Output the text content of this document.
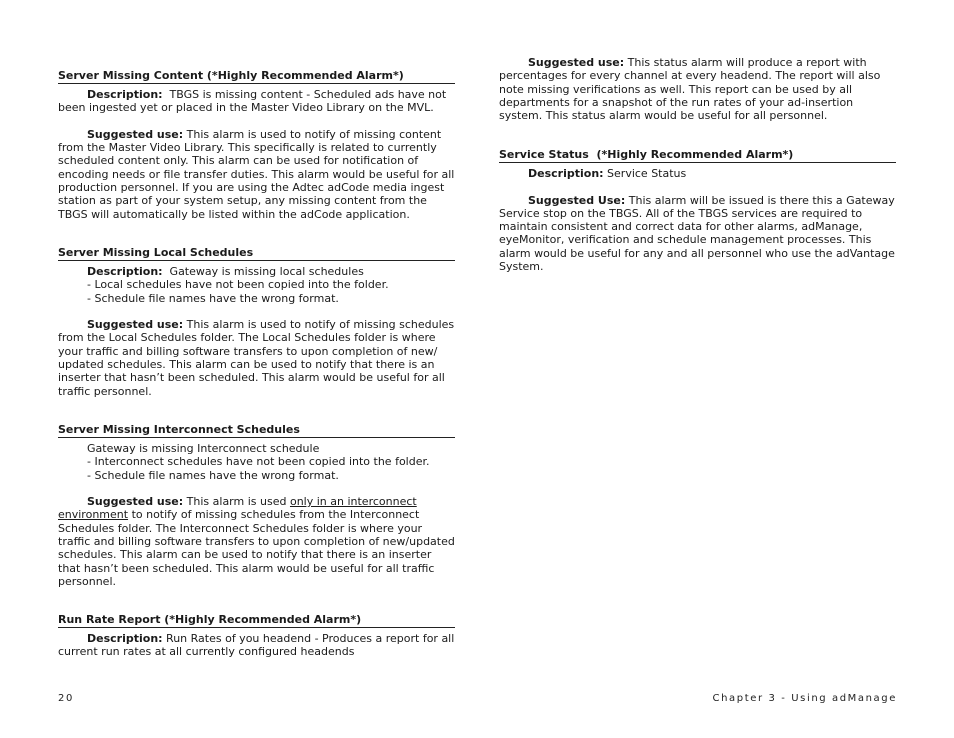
Server Missing Content (*Highly Recommended Alarm*)

Description: TBGS is missing content - Scheduled ads have not been ingested yet or placed in the Master Video Library on the MVL.

Suggested use: This alarm is used to notify of missing content from the Master Video Library. This specifically is related to currently scheduled content only. This alarm can be used for notification of encoding needs or file transfer duties. This alarm would be useful for all production personnel. If you are using the Adtec adCode media ingest station as part of your system setup, any missing content from the TBGS will automatically be listed within the adCode application.

Server Missing Local Schedules

Description: Gateway is missing local schedules

- Local schedules have not been copied into the folder.
- Schedule file names have the wrong format.

Suggested use: This alarm is used to notify of missing schedules from the Local Schedules folder. The Local Schedules folder is where your traffic and billing software transfers to upon completion of new/ updated schedules. This alarm can be used to notify that there is an inserter that hasn’t been scheduled. This alarm would be useful for all traffic personnel.

Server Missing Interconnect Schedules
Gateway is missing Interconnect schedule
- Interconnect schedules have not been copied into the folder.
- Schedule file names have the wrong format.

Suggested use: This alarm is used only in an interconnect environment to notify of missing schedules from the Interconnect Schedules folder. The Interconnect Schedules folder is where your traffic and billing software transfers to upon completion of new/updated schedules. This alarm can be used to notify that there is an inserter that hasn’t been scheduled. This alarm would be useful for all traffic personnel.

Run Rate Report (*Highly Recommended Alarm*)

Description: Run Rates of you headend - Produces a report for all current run rates at all currently configured headends

Suggested use: This status alarm will produce a report with percentages for every channel at every headend. The report will also note missing verifications as well. This report can be used by all departments for a snapshot of the run rates of your ad-insertion system. This status alarm would be useful for all personnel.

Service Status  (*Highly Recommended Alarm*)

Description: Service Status

Suggested Use: This alarm will be issued is there this a Gateway Service stop on the TBGS. All of the TBGS services are required to maintain consistent and correct data for other alarms, adManage, eyeMonitor, verification and schedule management processes. This alarm would be useful for any and all personnel who use the adVantage System.

20	Chapter 3 - Using adManage
